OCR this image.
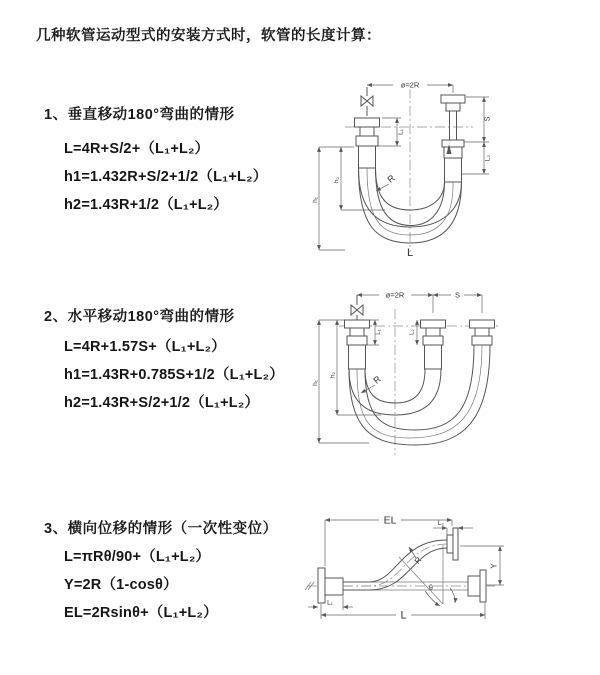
几种软管运动型式的安装方式时，软管的长度计算：
1、垂直移动180°弯曲的情形
L=4R+S/2+（L₁+L₂）
h1=1.432R+S/2+1/2（L₁+L₂）
h2=1.43R+1/2（L₁+L₂）
2、水平移动180°弯曲的情形
L=4R+1.57S+（L₁+L₂）
h1=1.43R+0.785S+1/2（L₁+L₂）
h2=1.43R+S/2+1/2（L₁+L₂）
3、横向位移的情形（一次性变位）
L=πRθ/90+（L₁+L₂）
Y=2R（1-cosθ）
EL=2Rsinθ+（L₁+L₂）
ø=2R
S
L₂
L₁
h₁
h₂	R
L
ø=2R	S
L₁	L₂
h₁
h₂	R
EL	L₂
Y
R
θ
L
L₁
